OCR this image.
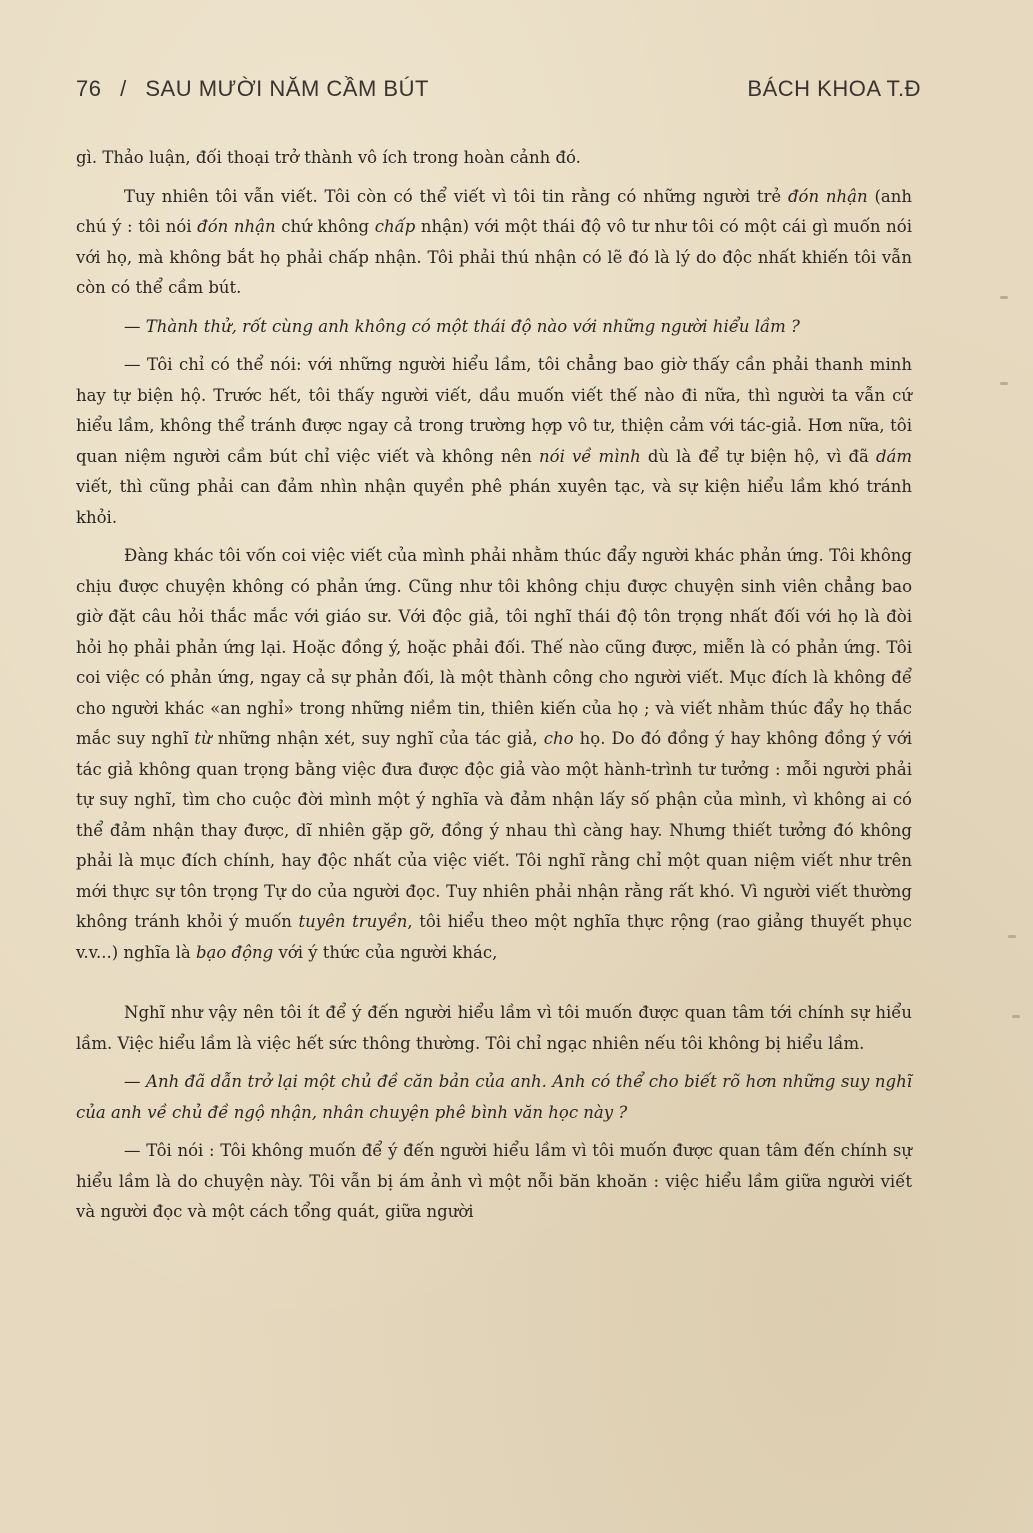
76 / SAU MƯỜI NĂM CẦM BÚT	BÁCH KHOA T.Đ

gì. Thảo luận, đối thoại trở thành vô ích trong hoàn cảnh đó.

Tuy nhiên tôi vẫn viết. Tôi còn có thể viết vì tôi tin rằng có những người trẻ đón nhận (anh chú ý : tôi nói đón nhận chứ không chấp nhận) với một thái độ vô tư như tôi có một cái gì muốn nói với họ, mà không bắt họ phải chấp nhận. Tôi phải thú nhận có lẽ đó là lý do độc nhất khiến tôi vẫn còn có thể cầm bút.

— Thành thử, rốt cùng anh không có một thái độ nào với những người hiểu lầm ?

— Tôi chỉ có thể nói: với những người hiểu lầm, tôi chẳng bao giờ thấy cần phải thanh minh hay tự biện hộ. Trước hết, tôi thấy người viết, dầu muốn viết thế nào đi nữa, thì người ta vẫn cứ hiểu lầm, không thể tránh được ngay cả trong trường hợp vô tư, thiện cảm với tác-giả. Hơn nữa, tôi quan niệm người cầm bút chỉ việc viết và không nên nói về mình dù là để tự biện hộ, vì đã dám viết, thì cũng phải can đảm nhìn nhận quyền phê phán xuyên tạc, và sự kiện hiểu lầm khó tránh khỏi.

Đàng khác tôi vốn coi việc viết của mình phải nhằm thúc đẩy người khác phản ứng. Tôi không chịu được chuyện không có phản ứng. Cũng như tôi không chịu được chuyện sinh viên chẳng bao giờ đặt câu hỏi thắc mắc với giáo sư. Với độc giả, tôi nghĩ thái độ tôn trọng nhất đối với họ là đòi hỏi họ phải phản ứng lại. Hoặc đồng ý, hoặc phải đối. Thế nào cũng được, miễn là có phản ứng. Tôi coi việc có phản ứng, ngay cả sự phản đối, là một thành công cho người viết. Mục đích là không để cho người khác «an nghỉ» trong những niềm tin, thiên kiến của họ ; và viết nhằm thúc đẩy họ thắc mắc suy nghĩ từ những nhận xét, suy nghĩ của tác giả, cho họ. Do đó đồng ý hay không đồng ý với tác giả không quan trọng bằng việc đưa được độc giả vào một hành-trình tư tưởng : mỗi người phải tự suy nghĩ, tìm cho cuộc đời mình một ý nghĩa và đảm nhận lấy số phận của mình, vì không ai có thể đảm nhận thay được, dĩ nhiên gặp gỡ, đồng ý nhau thì càng hay. Nhưng thiết tưởng đó không phải là mục đích chính, hay độc nhất của việc viết. Tôi nghĩ rằng chỉ một quan niệm viết như trên mới thực sự tôn trọng Tự do của người đọc. Tuy nhiên phải nhận rằng rất khó. Vì người viết thường không tránh khỏi ý muốn tuyên truyền, tôi hiểu theo một nghĩa thực rộng (rao giảng thuyết phục v.v...) nghĩa là bạo động với ý thức của người khác,

Nghĩ như vậy nên tôi ít để ý đến người hiểu lầm vì tôi muốn được quan tâm tới chính sự hiểu lầm. Việc hiểu lầm là việc hết sức thông thường. Tôi chỉ ngạc nhiên nếu tôi không bị hiểu lầm.

— Anh đã dẫn trở lại một chủ đề căn bản của anh. Anh có thể cho biết rõ hơn những suy nghĩ của anh về chủ đề ngộ nhận, nhân chuyện phê bình văn học này ?

— Tôi nói : Tôi không muốn để ý đến người hiểu lầm vì tôi muốn được quan tâm đến chính sự hiểu lầm là do chuyện này. Tôi vẫn bị ám ảnh vì một nỗi băn khoăn : việc hiểu lầm giữa người viết và người đọc và một cách tổng quát, giữa người
